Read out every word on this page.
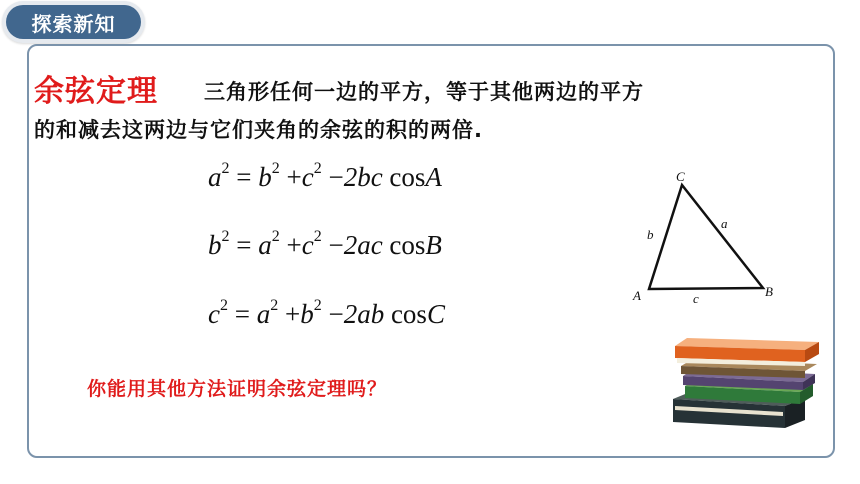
探索新知
余弦定理 三角形任何一边的平方，等于其他两边的平方
的和减去这两边与它们夹角的余弦的积的两倍.
$a^2 = b^2 +c^2 -2bc$ cosA
$b^2 = a^2 +c^2 -2ac$ cosB
$c^2 = a^2 +b^2 -2ab$ cosC
C
A	B
a
b
c
你能用其他方法证明余弦定理吗？
